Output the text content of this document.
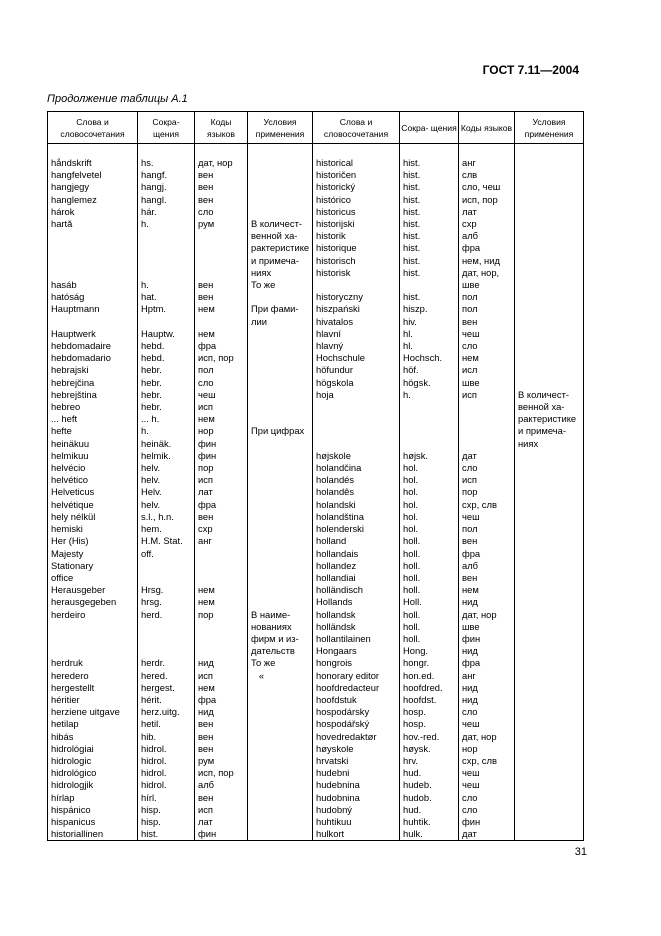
ГОСТ 7.11—2004
Продолжение таблицы А.1
Слова и словосочетания	Сокра- щения	Коды языков	Условия применения	Слова и словосочетания	Сокра- щения	Коды языков	Условия применения

håndskrift	hs.	дат, нор		historical	hist.	анг	
hangfelvetel	hangf.	вен		historičen	hist.	слв	
hangjegy	hangj.	вен		historický	hist.	сло, чеш	
hanglemez	hangl.	вен		histórico	hist.	исп, пор	
hárok	hár.	сло		historicus	hist.	лат	
hartă	h.	рум	В количест-	historijski	hist.	схр	
			венной ха-	historik	hist.	алб	
			рактеристике	historique	hist.	фра	
			и примеча-	historisch	hist.	нем, нид	
			ниях	historisk	hist.	дат, нор,	
hasáb	h.	вен	То же			шве	
hatóság	hat.	вен		historyczny	hist.	пол	
Hauptmann	Hptm.	нем	При фами-	hiszpański	hiszp.	пол	
			лии	hivatalos	hiv.	вен	
Hauptwerk	Hauptw.	нем		hlavní	hl.	чеш	
hebdomadaire	hebd.	фра		hlavný	hl.	сло	
hebdomadario	hebd.	исп, пор		Hochschule	Hochsch.	нем	
hebrajski	hebr.	пол		höfundur	höf.	исл	
hebrejčina	hebr.	сло		högskola	högsk.	шве	
hebrejština	hebr.	чеш		hoja	h.	исп	В количест-
hebreo	hebr.	исп					венной ха-
... heft	... h.	нем					рактеристике
hefte	h.	нор	При цифрах				и примеча-
heinäkuu	heinäk.	фин					ниях
helmikuu	helmik.	фин		højskole	højsk.	дат	
helvécio	helv.	пор		holandčina	hol.	сло	
helvético	helv.	исп		holandés	hol.	исп	
Helveticus	Helv.	лат		holandês	hol.	пор	
helvétique	helv.	фра		holandski	hol.	схр, слв	
hely nélkül	s.l., h.n.	вен		holandština	hol.	чеш	
hemiski	hem.	схр		holenderski	hol.	пол	
Her (His)	H.M. Stat.	анг		holland	holl.	вен	
Majesty	off.			hollandais	holl.	фра	
Stationary				hollandez	holl.	алб	
office				hollandiai	holl.	вен	
Herausgeber	Hrsg.	нем		holländisch	holl.	нем	
herausgegeben	hrsg.	нем		Hollands	Holl.	нид	
herdeiro	herd.	пор	В наиме-	hollandsk	holl.	дат, нор	
			нованиях	holländsk	holl.	шве	
			фирм и из-	hollantilainen	holl.	фин	
			дательств	Hongaars	Hong.	нид	
herdruk	herdr.	нид	То же	hongrois	hongr.	фра	
heredero	hered.	исп	«	honorary editor	hon.ed.	анг	
hergestellt	hergest.	нем		hoofdredacteur	hoofdred.	нид	
héritier	hérit.	фра		hoofdstuk	hoofdst.	нид	
herziene uitgave	herz.uitg.	нид		hospodársky	hosp.	сло	
hetilap	hetil.	вен		hospodářský	hosp.	чеш	
hibás	hib.	вен		hovedredaktør	hov.-red.	дат, нор	
hidrológiai	hidrol.	вен		høyskole	høysk.	нор	
hidrologic	hidrol.	рум		hrvatski	hrv.	схр, слв	
hidrológico	hidrol.	исп, пор		hudebni	hud.	чеш	
hidrologjik	hidrol.	алб		hudebnina	hudeb.	чеш	
hírlap	hírl.	вен		hudobnina	hudob.	сло	
hispánico	hisp.	исп		hudobný	hud.	сло	
hispanicus	hisp.	лат		huhtikuu	huhtik.	фин	
historiallinen	hist.	фин		hulkort	hulk.	дат	
31
